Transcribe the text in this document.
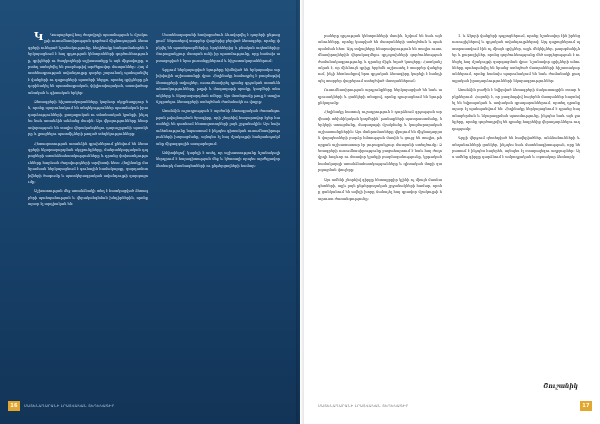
Կ Կապարելով հայ ժողովրդի պատմության և մշակույթի ուսումնասիրության գործում միջնադարյան ձեռագրերի ունեցած նշանակությունը, հեղինակը հանգամանորեն ներկայացնում է հայ գրչության կենտրոնների գործունեությունը, գրիչների ու ծաղկողների աշխատանքը և այն միջավայրը, որտեղ ստեղծվել են բազմաթիվ արժեքավոր մատյաններ։ Հայ մատենագրության ավանդույթը դարեր շարունակ պահպանվել է վանքերի ու դպրոցների պատերի ներքո, որտեղ գրիչները ընդօրինակել են պատմագրական, փիլիսոփայական, աստվածաբանական և գիտական երկեր։

Ձեռագրերի հիշատակարանները կարևոր սկզբնաղբյուր են, որոնք պարունակում են տեղեկություններ պատմական իրադարձությունների, քաղաքական ու տնտեսական կյանքի, ինչպես նաև առանձին անձանց մասին։ Այս վկայությունները հնարավորություն են տալիս վերականգնելու դարաշրջանի պատկերը և լրացնելու պատմիչների թողած տեղեկությունները։

Հետազոտության առանձին գլուխներում քննվում են ձեռագրերի նկարազարդման սկզբունքները, մանրանկարչական դպրոցների առանձնահատկությունները և դրանց փոխառնչությունները հարևան ժողովուրդների արվեստի հետ։ Հեղինակը մանրամասն ներկայացնում է գունային համակարգը, զարդամոտիվների ծագումը և պատկերագրական ավանդույթի զարգացումը։

Աշխատության մեջ առանձնակի տեղ է հատկացված ձեռագրերի պահպանության և վերականգնման խնդիրներին, որոնք այսօր էլ արդիական են։

Մատենադարանի հավաքածուն ձևավորվել է դարերի ընթացքում՝ ներառելով տարբեր վայրերից բերված ձեռագրեր, որոնք փրկվել են պատերազմներից, հրդեհներից և բնական աղետներից։ Յուրաքանչյուր մատյան ունի իր պատմությունը, որը հաճախ արտացոլված է նրա լուսանցքներում և հիշատակարաններում։

Գրքում ներկայացված նյութերը հիմնված են երկարամյա արխիվային աշխատանքի վրա։ Հեղինակը համադրել է բազմաթիվ ձեռագրերի տվյալներ, ուսումնասիրել դրանց գրչական առանձնահատկությունները, թղթի և մագաղաթի որակը, կազմերի տեսակները և նկարազարդման ոճերը։ Այս մոտեցումը թույլ է տալիս ճշգրտելու ձեռագրերի ստեղծման ժամանակն ու վայրը։

Առանձին ուշադրության է արժանի ձեռագրական ժառանգության թվայնացման ծրագիրը, որի շնորհիվ հազարավոր էջեր հասանելի են դառնում հետազոտողների լայն շրջանակին։ Այս նախաձեռնությունը նպաստում է ինչպես գիտական ուսումնասիրությունների խորացմանը, այնպես էլ հայ մշակույթի հանրահռչակմանը միջազգային ասպարեզում։

Ամփոփելով՝ կարելի է ասել, որ աշխատությունը նշանակալի ներդրում է հայագիտության մեջ և կծառայի որպես արժեքավոր ձեռնարկ մասնագետների ու ընթերցողների համար։

16 ՄԱՏԵՆԱԴԱՐԱՆԻ ԼՐԱՏՎԱԿԱՆ ՏԵՂԵԿԱԳԻՐ

րաները գրչության կենտրոնների մասին, նշվում են նաև այն անունները, որոնք կապված են մատյանների ստեղծման և պահպանման հետ։ Այդ տվյալները հնարավորություն են տալիս ուսումնասիրողներին վերակազմելու գրչօջախների գործունեության ժամանակագրությունը և դրանց միջև եղած կապերը։ Հատկանշական է, որ միևնույն գրիչը երբեմն աշխատել է տարբեր վանքերում, ինչի հետևանքով նրա գրչական ձեռագիրը կարելի է հանդիպել տարբեր վայրերում ստեղծված մատյաններում։

Ուսումնասիրության արդյունքները ներկայացված են նաև աղյուսակների և ցանկերի տեսքով, որոնք դյուրացնում են նյութի ընկալումը։

Հեղինակը հատուկ ուշադրություն է դարձնում գրչության արվեստի տեխնիկական կողմերին՝ թանաքների պատրաստմանը, ներկերի ստացմանը, մագաղաթի մշակմանը և կազմարարական աշխատանքներին։ Այս մանրամասները վկայում են միջնադարյան վարպետների բարձր հմտության մասին և ցույց են տալիս, թե որքան աշխատատար էր յուրաքանչյուր մատյանի ստեղծումը։ Ձեռագրերի ուսումնասիրությունը բացահայտում է նաև հայ ժողովրդի հոգևոր ու մտավոր կյանքի բազմազանությունը, կրթական համակարգի առանձնահատկությունները և գիտական մտքի զարգացման փուլերը։

Այս ամենի շնորհիվ գիրքը հետաքրքիր կլինի ոչ միայն մասնագետների, այլև լայն ընթերցողական շրջանակների համար, որոնք ցանկանում են ավելի խորը ճանաչել հայ գրավոր մշակույթի հարուստ ժառանգությունը։

1. և Ակորի վանքերի դպրոցներում, որոնք նշանավոր էին իրենց ուսուցիչներով և գրչական ավանդույթներով։ Այդ դպրոցներում պատրաստվում էին ոչ միայն գրիչներ, այլև մեկնիչներ, թարգմանիչներ և քարոզիչներ, որոնց գործունեությունը մեծ ազդեցություն է ունեցել հայ մշակույթի զարգացման վրա։ Նշանավոր գրիչների անունները պահպանվել են նրանց ստեղծած մատյանների հիշատակարաններում, որոնք հաճախ պարունակում են նաև ժամանակի քաղաքական իրադարձությունների նկարագրություններ։

Առանձին բաժին է նվիրված ձեռագրերի ճակատագրին օտար երկրներում։ Հայտնի է, որ բազմաթիվ հայերեն մատյաններ հայտնվել են եվրոպական և ասիական գրադարաններում, որտեղ դրանք այսօր էլ պահպանվում են։ Հեղինակը ներկայացնում է դրանց հայտնաբերման և նկարագրման պատմությունը, ինչպես նաև այն ջանքերը, որոնք գործադրվել են դրանք հայրենիք վերադարձնելու ուղղությամբ։

Գրքի վերջում զետեղված են հավելվածներ, անձնանունների և տեղանունների ցանկեր, ինչպես նաև մատենագիտություն, որը ներառում է ինչպես հայերեն, այնպես էլ օտարալեզու աղբյուրներ։ Այս ամենը գիրքը դարձնում է ամբողջական և օգտակար ձեռնարկ։

Շուշանիկ
ՄԱՏԵՆԱԴԱՐԱՆԻ ԼՐԱՏՎԱԿԱՆ ՏԵՂԵԿԱԳԻՐ	17
